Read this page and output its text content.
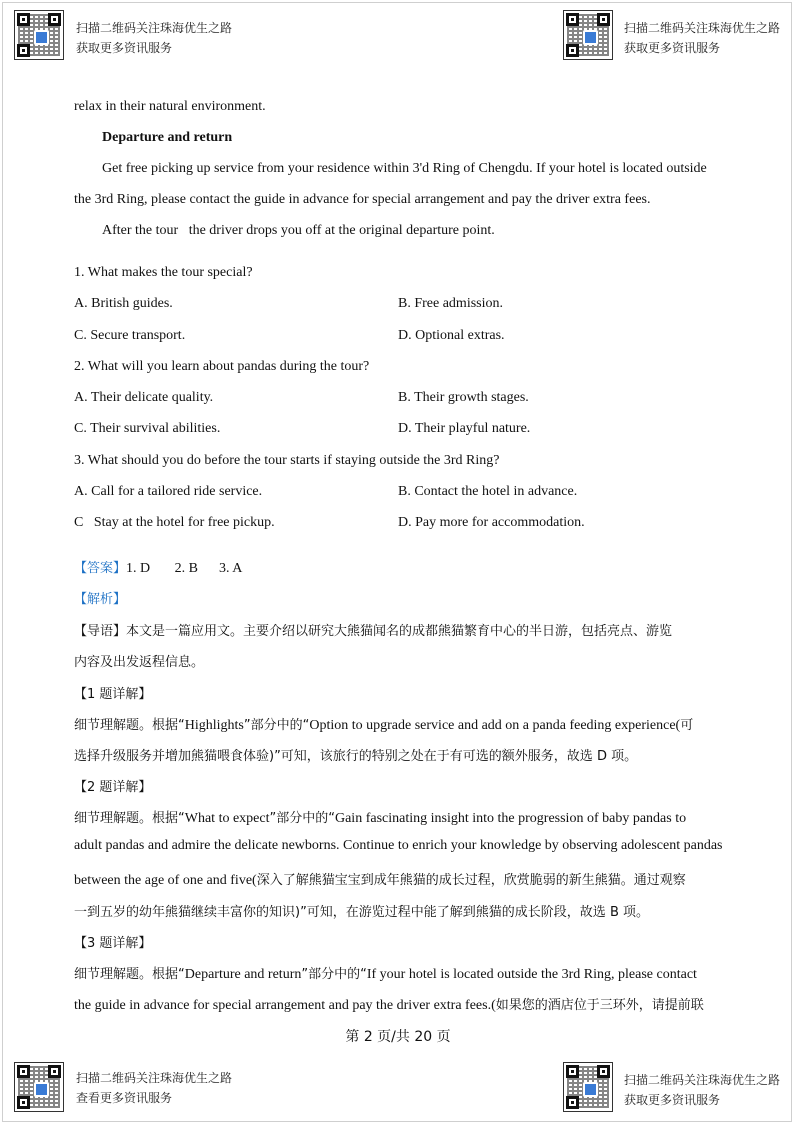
扫描二维码关注珠海优生之路
获取更多资讯服务
扫描二维码关注珠海优生之路
获取更多资讯服务
relax in their natural environment.
Departure and return
Get free picking up service from your residence within 3'd Ring of Chengdu. If your hotel is located outside
the 3rd Ring, please contact the guide in advance for special arrangement and pay the driver extra fees.
After the tour   the driver drops you off at the original departure point.
1. What makes the tour special?
A. British guides.	B. Free admission.
C. Secure transport.	D. Optional extras.
2. What will you learn about pandas during the tour?
A. Their delicate quality.	B. Their growth stages.
C. Their survival abilities.	D. Their playful nature.
3. What should you do before the tour starts if staying outside the 3rd Ring?
A. Call for a tailored ride service.	B. Contact the hotel in advance.
C   Stay at the hotel for free pickup.	D. Pay more for accommodation.
【答案】1. D       2. B      3. A
【解析】
【导语】本文是一篇应用文。主要介绍以研究大熊猫闻名的成都熊猫繁育中心的半日游，包括亮点、游览
内容及出发返程信息。
【1 题详解】
细节理解题。根据“Highlights”部分中的“Option to upgrade service and add on a panda feeding experience(可
选择升级服务并增加熊猫喂食体验)”可知，该旅行的特别之处在于有可选的额外服务，故选 D 项。
【2 题详解】
细节理解题。根据“What to expect”部分中的“Gain fascinating insight into the progression of baby pandas to
adult pandas and admire the delicate newborns. Continue to enrich your knowledge by observing adolescent pandas
between the age of one and five(深入了解熊猫宝宝到成年熊猫的成长过程，欣赏脆弱的新生熊猫。通过观察
一到五岁的幼年熊猫继续丰富你的知识)”可知，在游览过程中能了解到熊猫的成长阶段，故选 B 项。
【3 题详解】
细节理解题。根据“Departure and return”部分中的“If your hotel is located outside the 3rd Ring, please contact
the guide in advance for special arrangement and pay the driver extra fees.(如果您的酒店位于三环外，请提前联
第 2 页/共 20 页
扫描二维码关注珠海优生之路
查看更多资讯服务
扫描二维码关注珠海优生之路
获取更多资讯服务
